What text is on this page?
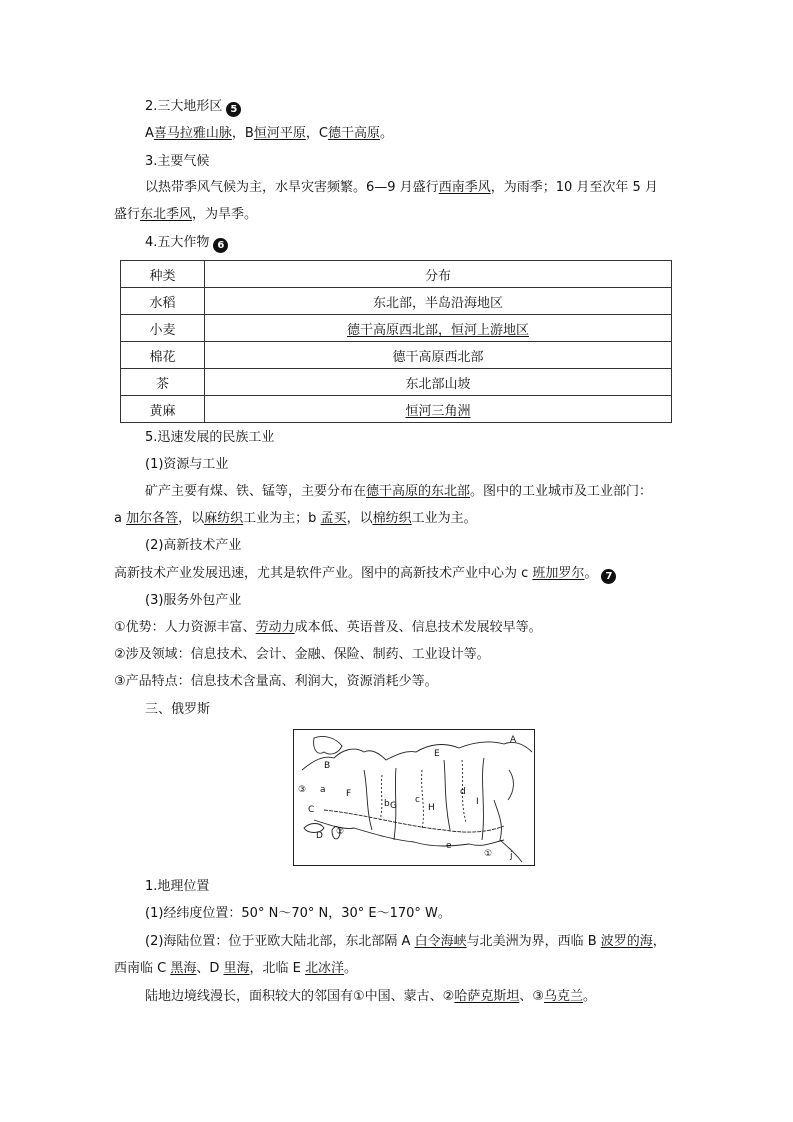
2.三大地形区 5
A喜马拉雅山脉，B恒河平原，C德干高原。
3.主要气候
以热带季风气候为主，水旱灾害频繁。6—9 月盛行西南季风，为雨季；10 月至次年 5 月
盛行东北季风，为旱季。
4.五大作物 6
种类	分布
水稻	东北部，半岛沿海地区
小麦	德干高原西北部，恒河上游地区
棉花	德干高原西北部
茶	东北部山坡
黄麻	恒河三角洲
5.迅速发展的民族工业
(1)资源与工业
矿产主要有煤、铁、锰等，主要分布在德干高原的东北部。图中的工业城市及工业部门：
a 加尔各答，以麻纺织工业为主；b 孟买，以棉纺织工业为主。
(2)高新技术产业
高新技术产业发展迅速，尤其是软件产业。图中的高新技术产业中心为 c 班加罗尔。 7
(3)服务外包产业
①优势：人力资源丰富、劳动力成本低、英语普及、信息技术发展较早等。
②涉及领域：信息技术、会计、金融、保险、制药、工业设计等。
③产品特点：信息技术含量高、利润大，资源消耗少等。
三、俄罗斯
A
B
C
D
E
F
G	H
I
a
b	c
d
e
j
①
②
③
1.地理位置
(1)经纬度位置：50° N～70° N，30° E～170° W。
(2)海陆位置：位于亚欧大陆北部，东北部隔 A 白令海峡与北美洲为界，西临 B 波罗的海，
西南临 C 黑海、D 里海，北临 E 北冰洋。
陆地边境线漫长，面积较大的邻国有①中国、蒙古、②哈萨克斯坦、③乌克兰。
